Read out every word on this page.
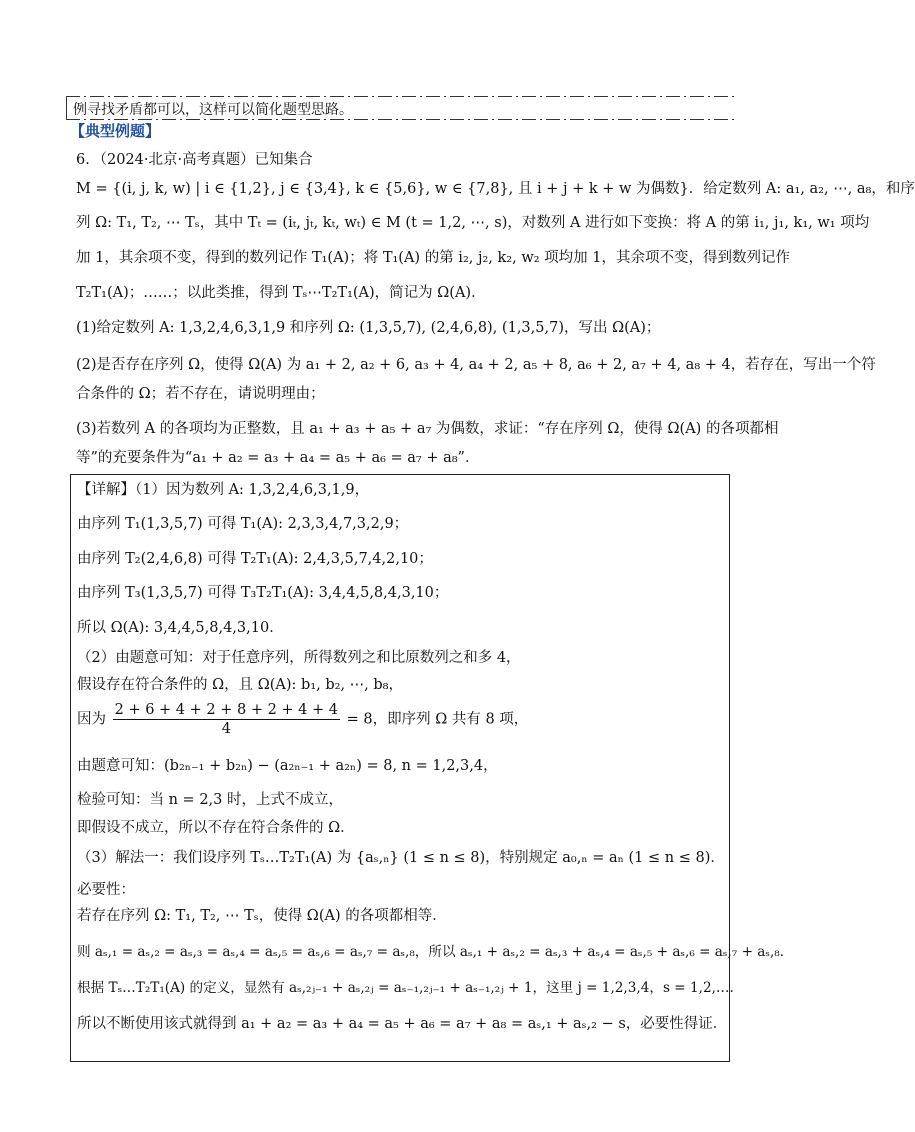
例寻找矛盾都可以，这样可以简化题型思路。
【典型例题】
6．（2024·北京·高考真题）已知集合
M = {(i, j, k, w) | i ∈ {1,2}, j ∈ {3,4}, k ∈ {5,6}, w ∈ {7,8}, 且 i + j + k + w 为偶数}．给定数列 A: a₁, a₂, ⋯, a₈，和序
列 Ω: T₁, T₂, ⋯ Tₛ，其中 Tₜ = (iₜ, jₜ, kₜ, wₜ) ∈ M (t = 1,2, ⋯, s)，对数列 A 进行如下变换：将 A 的第 i₁, j₁, k₁, w₁ 项均
加 1，其余项不变，得到的数列记作 T₁(A)；将 T₁(A) 的第 i₂, j₂, k₂, w₂ 项均加 1，其余项不变，得到数列记作
T₂T₁(A)；……；以此类推，得到 Tₛ⋯T₂T₁(A)，简记为 Ω(A)．
(1)给定数列 A: 1,3,2,4,6,3,1,9 和序列 Ω: (1,3,5,7), (2,4,6,8), (1,3,5,7)，写出 Ω(A)；
(2)是否存在序列 Ω，使得 Ω(A) 为 a₁ + 2, a₂ + 6, a₃ + 4, a₄ + 2, a₅ + 8, a₆ + 2, a₇ + 4, a₈ + 4，若存在，写出一个符
合条件的 Ω；若不存在，请说明理由；
(3)若数列 A 的各项均为正整数，且 a₁ + a₃ + a₅ + a₇ 为偶数，求证：“存在序列 Ω，使得 Ω(A) 的各项都相
等”的充要条件为“a₁ + a₂ = a₃ + a₄ = a₅ + a₆ = a₇ + a₈”．
【详解】（1）因为数列 A: 1,3,2,4,6,3,1,9，
由序列 T₁(1,3,5,7) 可得 T₁(A): 2,3,3,4,7,3,2,9；
由序列 T₂(2,4,6,8) 可得 T₂T₁(A): 2,4,3,5,7,4,2,10；
由序列 T₃(1,3,5,7) 可得 T₃T₂T₁(A): 3,4,4,5,8,4,3,10；
所以 Ω(A): 3,4,4,5,8,4,3,10．
（2）由题意可知：对于任意序列，所得数列之和比原数列之和多 4，
假设存在符合条件的 Ω，且 Ω(A): b₁, b₂, ⋯, b₈，
因为 $\frac{2 + 6 + 4 + 2 + 8 + 2 + 4 + 4}{4} = 8$，即序列 Ω 共有 8 项，
由题意可知：(b₂ₙ₋₁ + b₂ₙ) − (a₂ₙ₋₁ + a₂ₙ) = 8, n = 1,2,3,4，
检验可知：当 n = 2,3 时，上式不成立，
即假设不成立，所以不存在符合条件的 Ω．
（3）解法一：我们设序列 Tₛ…T₂T₁(A) 为 {aₛ,ₙ} (1 ≤ n ≤ 8)，特别规定 a₀,ₙ = aₙ (1 ≤ n ≤ 8)．
必要性：
若存在序列 Ω: T₁, T₂, ⋯ Tₛ，使得 Ω(A) 的各项都相等．
则 aₛ,₁ = aₛ,₂ = aₛ,₃ = aₛ,₄ = aₛ,₅ = aₛ,₆ = aₛ,₇ = aₛ,₈，所以 aₛ,₁ + aₛ,₂ = aₛ,₃ + aₛ,₄ = aₛ,₅ + aₛ,₆ = aₛ,₇ + aₛ,₈．
根据 Tₛ…T₂T₁(A) 的定义，显然有 aₛ,₂ⱼ₋₁ + aₛ,₂ⱼ = aₛ₋₁,₂ⱼ₋₁ + aₛ₋₁,₂ⱼ + 1，这里 j = 1,2,3,4，s = 1,2,….
所以不断使用该式就得到 a₁ + a₂ = a₃ + a₄ = a₅ + a₆ = a₇ + a₈ = aₛ,₁ + aₛ,₂ − s，必要性得证．
